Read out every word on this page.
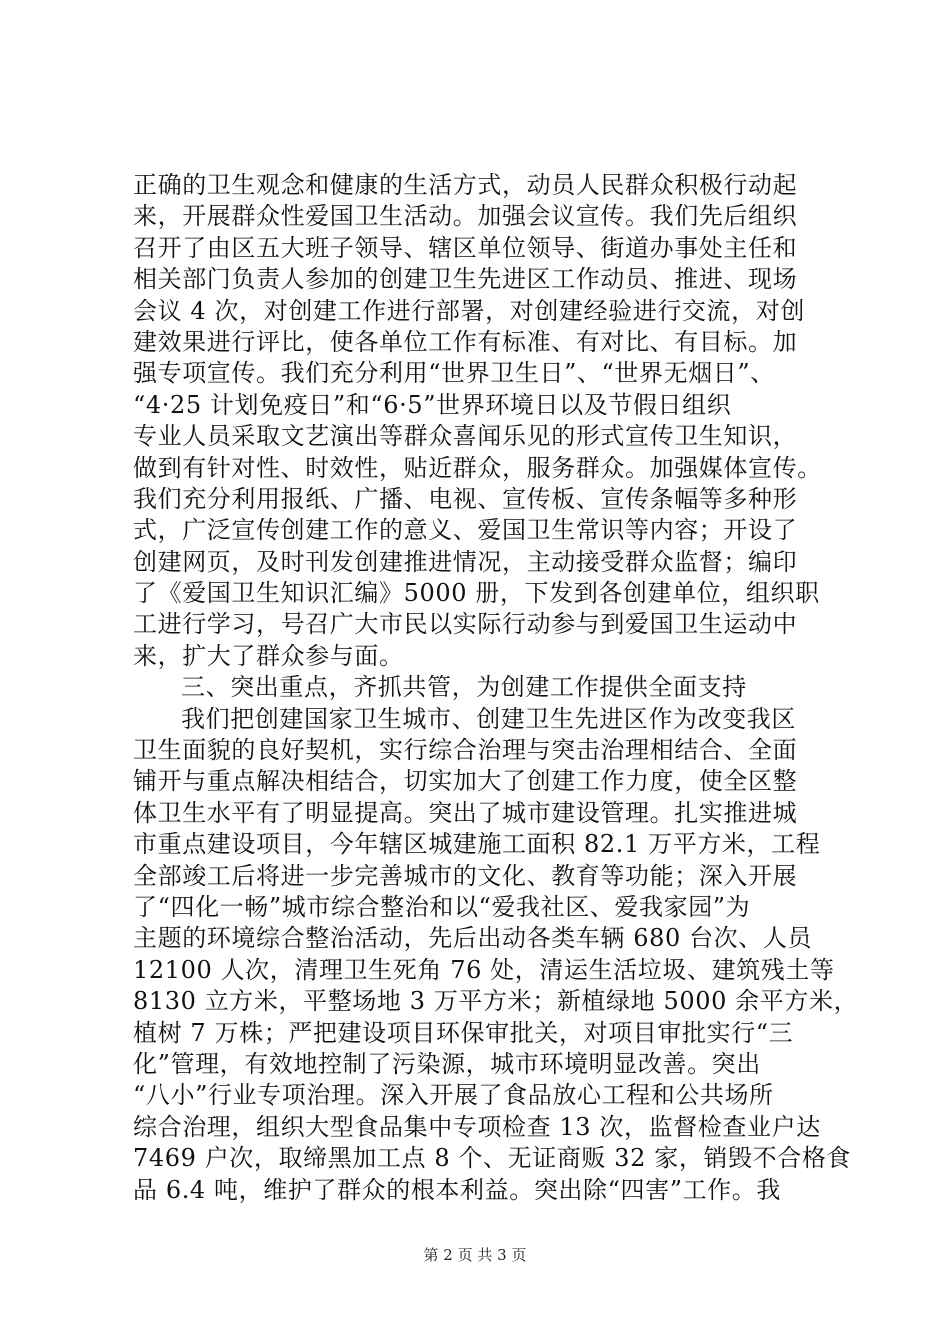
正确的卫生观念和健康的生活方式，动员人民群众积极行动起
来，开展群众性爱国卫生活动。加强会议宣传。我们先后组织
召开了由区五大班子领导、辖区单位领导、街道办事处主任和
相关部门负责人参加的创建卫生先进区工作动员、推进、现场
会议 4 次，对创建工作进行部署，对创建经验进行交流，对创
建效果进行评比，使各单位工作有标准、有对比、有目标。加
强专项宣传。我们充分利用“世界卫生日”、“世界无烟日”、
“4·25 计划免疫日”和“6·5”世界环境日以及节假日组织
专业人员采取文艺演出等群众喜闻乐见的形式宣传卫生知识，
做到有针对性、时效性，贴近群众，服务群众。加强媒体宣传。
我们充分利用报纸、广播、电视、宣传板、宣传条幅等多种形
式，广泛宣传创建工作的意义、爱国卫生常识等内容；开设了
创建网页，及时刊发创建推进情况，主动接受群众监督；编印
了《爱国卫生知识汇编》5000 册，下发到各创建单位，组织职
工进行学习，号召广大市民以实际行动参与到爱国卫生运动中
来，扩大了群众参与面。
三、突出重点，齐抓共管，为创建工作提供全面支持
我们把创建国家卫生城市、创建卫生先进区作为改变我区
卫生面貌的良好契机，实行综合治理与突击治理相结合、全面
铺开与重点解决相结合，切实加大了创建工作力度，使全区整
体卫生水平有了明显提高。突出了城市建设管理。扎实推进城
市重点建设项目，今年辖区城建施工面积 82.1 万平方米，工程
全部竣工后将进一步完善城市的文化、教育等功能；深入开展
了“四化一畅”城市综合整治和以“爱我社区、爱我家园”为
主题的环境综合整治活动，先后出动各类车辆 680 台次、人员
12100 人次，清理卫生死角 76 处，清运生活垃圾、建筑残土等
8130 立方米，平整场地 3 万平方米；新植绿地 5000 余平方米，
植树 7 万株；严把建设项目环保审批关，对项目审批实行“三
化”管理，有效地控制了污染源，城市环境明显改善。突出
“八小”行业专项治理。深入开展了食品放心工程和公共场所
综合治理，组织大型食品集中专项检查 13 次，监督检查业户达
7469 户次，取缔黑加工点 8 个、无证商贩 32 家，销毁不合格食
品 6.4 吨，维护了群众的根本利益。突出除“四害”工作。我
第 2 页 共 3 页
